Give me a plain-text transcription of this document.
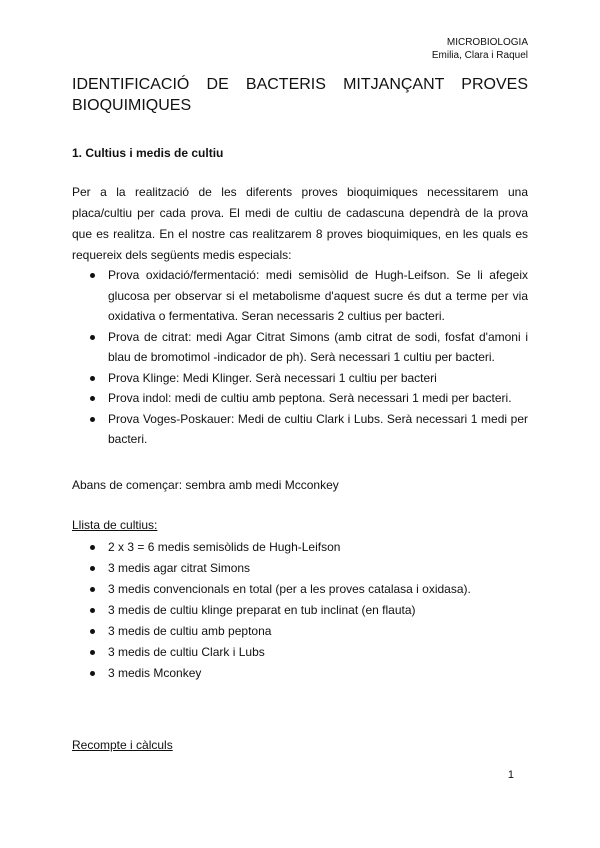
MICROBIOLOGIA
Emilia, Clara i Raquel
IDENTIFICACIÓ DE BACTERIS MITJANÇANT PROVES BIOQUIMIQUES
1. Cultius i medis de cultiu

Per a la realització de les diferents proves bioquimiques necessitarem una placa/cultiu per cada prova. El medi de cultiu de cadascuna dependrà de la prova que es realitza. En el nostre cas realitzarem 8 proves bioquimiques, en les quals es requereix dels següents medis especials:

Prova oxidació/fermentació: medi semisòlid de Hugh-Leifson. Se li afegeix glucosa per observar si el metabolisme d'aquest sucre és dut a terme per via oxidativa o fermentativa. Seran necessaris 2 cultius per bacteri.
Prova de citrat: medi Agar Citrat Simons (amb citrat de sodi, fosfat d'amoni i blau de bromotimol -indicador de ph). Serà necessari 1 cultiu per bacteri.
Prova Klinge: Medi Klinger. Serà necessari 1 cultiu per bacteri
Prova indol: medi de cultiu amb peptona. Serà necessari 1 medi per bacteri.
Prova Voges-Poskauer: Medi de cultiu Clark i Lubs. Serà necessari 1 medi per bacteri.

Abans de començar: sembra amb medi Mcconkey

Llista de cultius:

2 x 3 = 6 medis semisòlids de Hugh-Leifson
3 medis agar citrat Simons
3 medis convencionals en total (per a les proves catalasa i oxidasa).
3 medis de cultiu klinge preparat en tub inclinat (en flauta)
3 medis de cultiu amb peptona
3 medis de cultiu Clark i Lubs
3 medis Mconkey

Recompte i càlculs

1
